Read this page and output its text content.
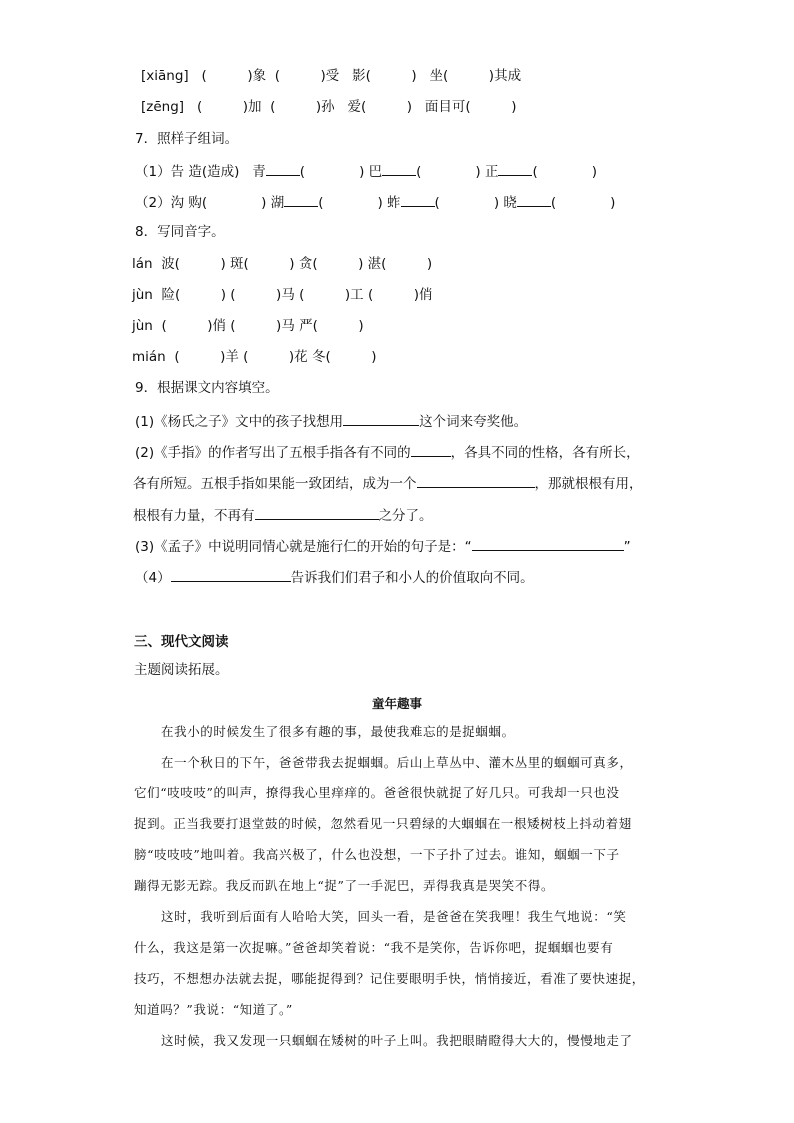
[xiāng] (　　　)象 (　　　)受 影(　　　) 坐(　　　)其成
[zēng] (　　　)加 (　　　)孙 爱(　　　) 面目可(　　　)
7．照样子组词。
（1）告 造(造成) 青	(　　　　) 巴	(　　　　) 正	(　　　　)
（2）沟 购(　　　　) 湖	(　　　　) 蚱	(　　　　) 晓	(　　　　)
8．写同音字。
lán 波(　　　) 斑(　　　) 贪(　　　) 湛(　　　)
jùn 险(　　　) (　　　)马 (　　　)工 (　　　)俏
jùn (　　　)俏 (　　　)马 严(　　　)
mián (　　　)羊 (　　　)花 冬(　　　)
9．根据课文内容填空。
(1)《杨氏之子》文中的孩子找想用	这个词来夸奖他。
(2)《手指》的作者写出了五根手指各有不同的	，各具不同的性格，各有所长，
各有所短。五根手指如果能一致团结，成为一个	，那就根根有用，
根根有力量，不再有	之分了。
(3)《孟子》中说明同情心就是施行仁的开始的句子是：“	”
（4）	告诉我们们君子和小人的价值取向不同。
三、现代文阅读
主题阅读拓展。
童年趣事
在我小的时候发生了很多有趣的事，最使我难忘的是捉蝈蝈。
在一个秋日的下午，爸爸带我去捉蝈蝈。后山上草丛中、灌木丛里的蝈蝈可真多，
它们“吱吱吱”的叫声，撩得我心里痒痒的。爸爸很快就捉了好几只。可我却一只也没
捉到。正当我要打退堂鼓的时候，忽然看见一只碧绿的大蝈蝈在一根矮树枝上抖动着翅
膀“吱吱吱”地叫着。我高兴极了，什么也没想，一下子扑了过去。谁知，蝈蝈一下子
蹦得无影无踪。我反而趴在地上“捉”了一手泥巴，弄得我真是哭笑不得。
这时，我听到后面有人哈哈大笑，回头一看，是爸爸在笑我哩！我生气地说：“笑
什么，我这是第一次捉嘛。”爸爸却笑着说：“我不是笑你，告诉你吧，捉蝈蝈也要有
技巧，不想想办法就去捉，哪能捉得到？记住要眼明手快，悄悄接近，看准了要快速捉，
知道吗？”我说：“知道了。”
这时候，我又发现一只蝈蝈在矮树的叶子上叫。我把眼睛瞪得大大的，慢慢地走了
